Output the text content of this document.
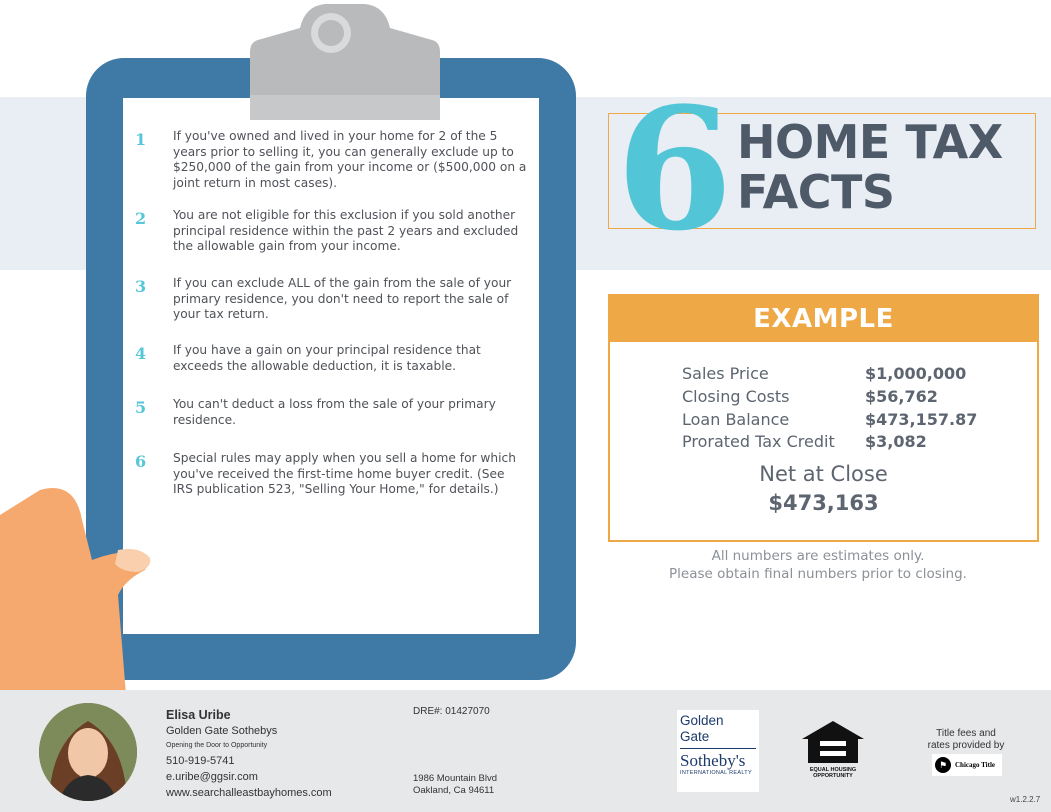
1	If you've owned and lived in your home for 2 of the 5 years prior to selling it, you can generally exclude up to $250,000 of the gain from your income or ($500,000 on a joint return in most cases).
2	You are not eligible for this exclusion if you sold another principal residence within the past 2 years and excluded the allowable gain from your income.
3	If you can exclude ALL of the gain from the sale of your primary residence, you don't need to report the sale of your tax return.
4	If you have a gain on your principal residence that exceeds the allowable deduction, it is taxable.
5	You can't deduct a loss from the sale of your primary residence.
6	Special rules may apply when you sell a home for which you've received the first-time home buyer credit. (See IRS publication 523, "Selling Your Home," for details.)
6 HOME TAX
FACTS
EXAMPLE
Sales Price	$1,000,000
Closing Costs	$56,762
Loan Balance	$473,157.87
Prorated Tax Credit $3,082
Net at Close
$473,163
All numbers are estimates only.
Please obtain final numbers prior to closing.
Elisa Uribe
Golden Gate Sothebys
Opening the Door to Opportunity
510-919-5741
e.uribe@ggsir.com
www.searchalleastbayhomes.com
DRE#: 01427070
1986 Mountain Blvd
Oakland, Ca 94611
Golden
Gate
Sotheby's
INTERNATIONAL REALTY	EQUAL HOUSING
OPPORTUNITY
Title fees and
rates provided by
⚑	Chicago Title
w1.2.2.7
